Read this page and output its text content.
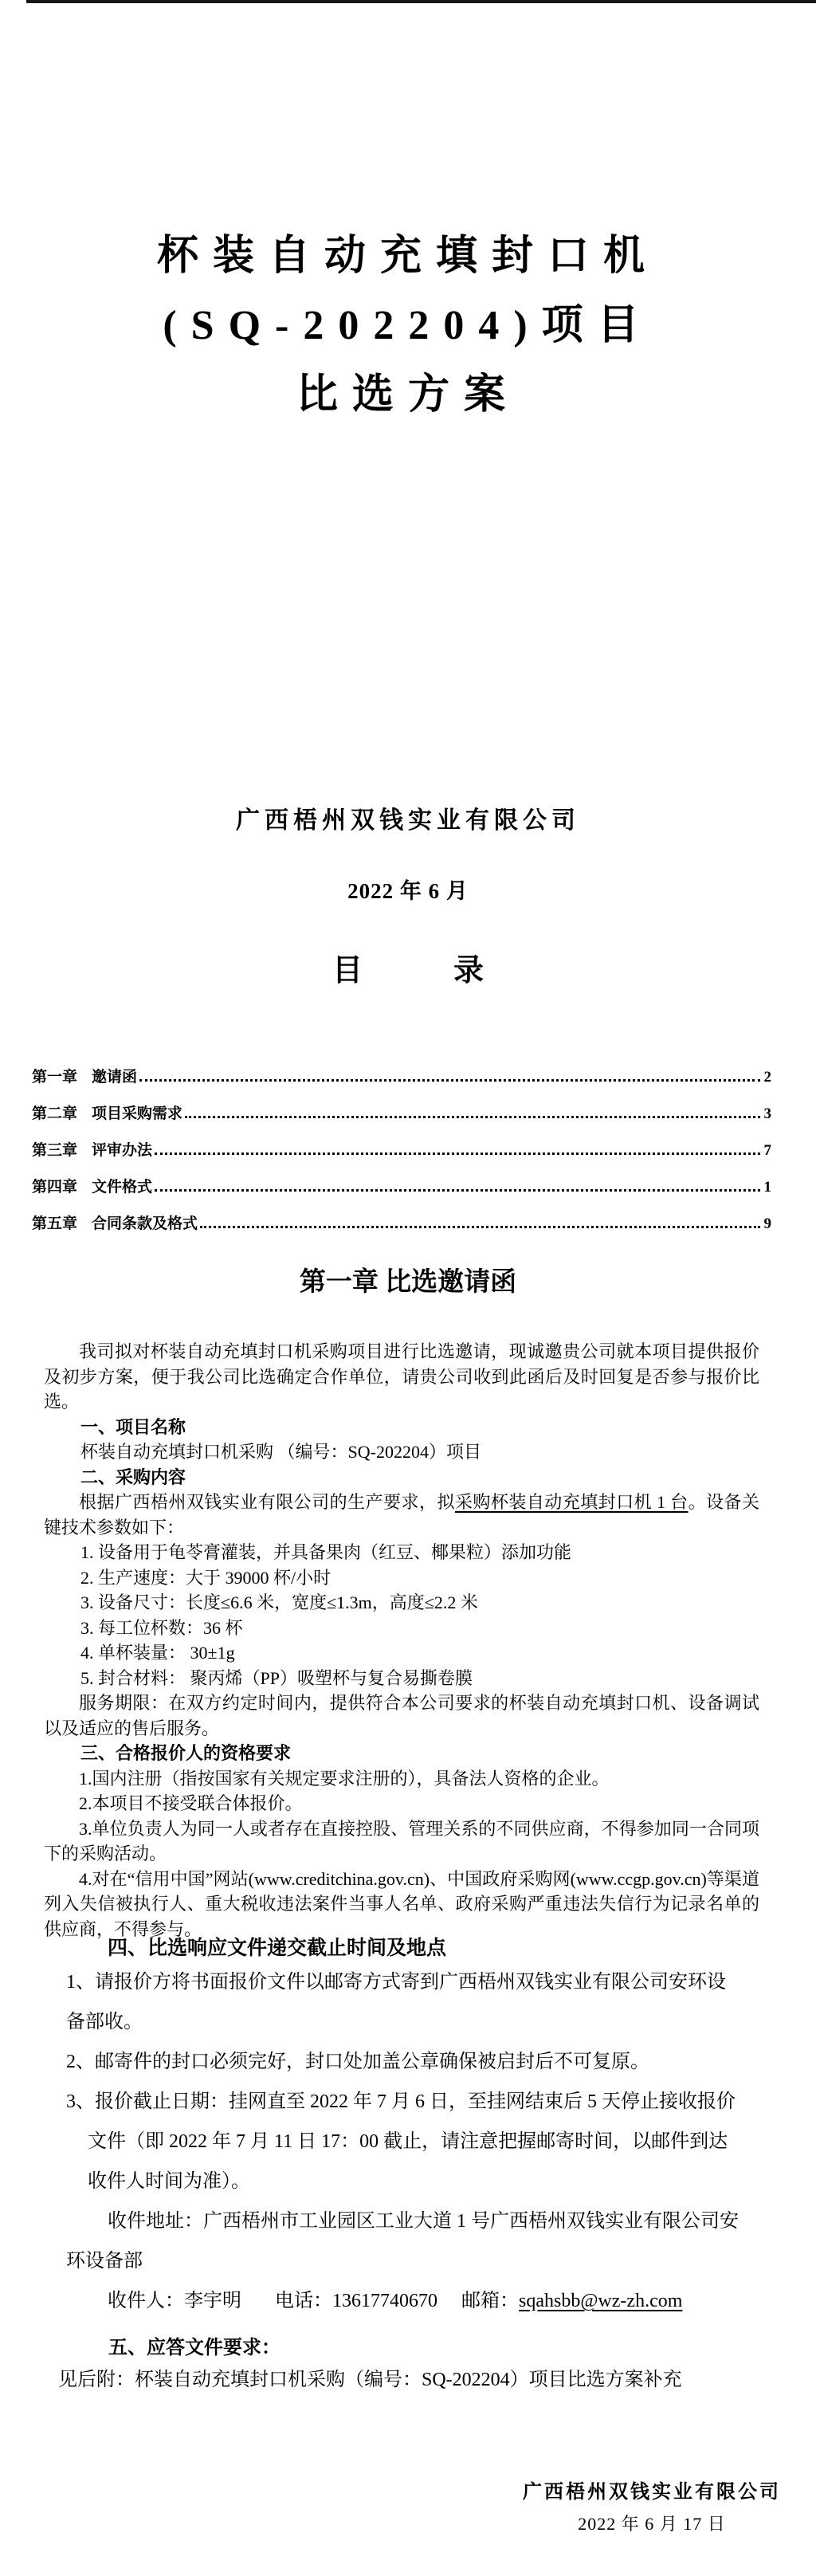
杯装自动充填封口机
(SQ-202204)项目
比选方案
广西梧州双钱实业有限公司
2022 年 6 月
目　　　录
第一章 邀请函	2
第二章 项目采购需求	3
第三章 评审办法	7
第四章 文件格式	1
第五章 合同条款及格式	9
第一章 比选邀请函

我司拟对杯装自动充填封口机采购项目进行比选邀请，现诚邀贵公司就本项目提供报价及初步方案，便于我公司比选确定合作单位，请贵公司收到此函后及时回复是否参与报价比选。

一、项目名称

杯装自动充填封口机采购 （编号：SQ-202204）项目

二、采购内容

根据广西梧州双钱实业有限公司的生产要求，拟采购杯装自动充填封口机 1 台。设备关键技术参数如下：

1. 设备用于龟苓膏灌装，并具备果肉（红豆、椰果粒）添加功能

2. 生产速度：大于 39000 杯/小时

3. 设备尺寸：长度≤6.6 米，宽度≤1.3m，高度≤2.2 米

3. 每工位杯数：36 杯

4. 单杯装量： 30±1g

5. 封合材料： 聚丙烯（PP）吸塑杯与复合易撕卷膜

服务期限：在双方约定时间内，提供符合本公司要求的杯装自动充填封口机、设备调试以及适应的售后服务。

三、合格报价人的资格要求

1.国内注册（指按国家有关规定要求注册的），具备法人资格的企业。

2.本项目不接受联合体报价。

3.单位负责人为同一人或者存在直接控股、管理关系的不同供应商，不得参加同一合同项下的采购活动。

4.对在“信用中国”网站(www.creditchina.gov.cn)、中国政府采购网(www.ccgp.gov.cn)等渠道列入失信被执行人、重大税收违法案件当事人名单、政府采购严重违法失信行为记录名单的供应商，不得参与。

四、比选响应文件递交截止时间及地点
1、请报价方将书面报价文件以邮寄方式寄到广西梧州双钱实业有限公司安环设
备部收。
2、邮寄件的封口必须完好，封口处加盖公章确保被启封后不可复原。
3、报价截止日期：挂网直至 2022 年 7 月 6 日，至挂网结束后 5 天停止接收报价
文件（即 2022 年 7 月 11 日 17：00 截止，请注意把握邮寄时间，以邮件到达
收件人时间为准）。
收件地址：广西梧州市工业园区工业大道 1 号广西梧州双钱实业有限公司安
环设备部
收件人：李宇明 电话：13617740670 邮箱：sqahsbb@wz-zh.com
五、应答文件要求：
见后附：杯装自动充填封口机采购（编号：SQ-202204）项目比选方案补充
广西梧州双钱实业有限公司
2022 年 6 月 17 日
